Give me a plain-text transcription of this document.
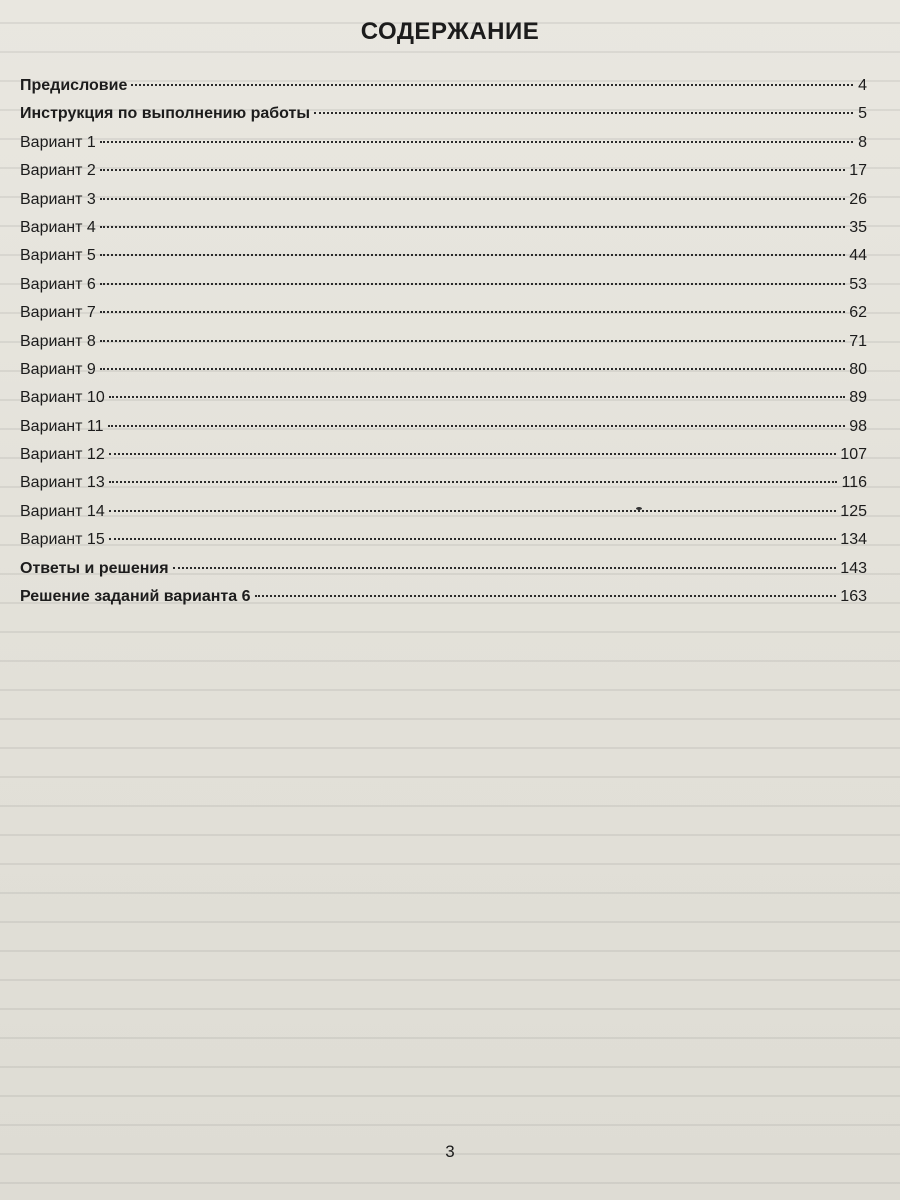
СОДЕРЖАНИЕ
Предисловие	4
Инструкция по выполнению работы	5
Вариант 1	8
Вариант 2	17
Вариант 3	26
Вариант 4	35
Вариант 5	44
Вариант 6	53
Вариант 7	62
Вариант 8	71
Вариант 9	80
Вариант 10	89
Вариант 11	98
Вариант 12	107
Вариант 13	116
Вариант 14	125
Вариант 15	134
Ответы и решения	143
Решение заданий варианта 6	163
3
